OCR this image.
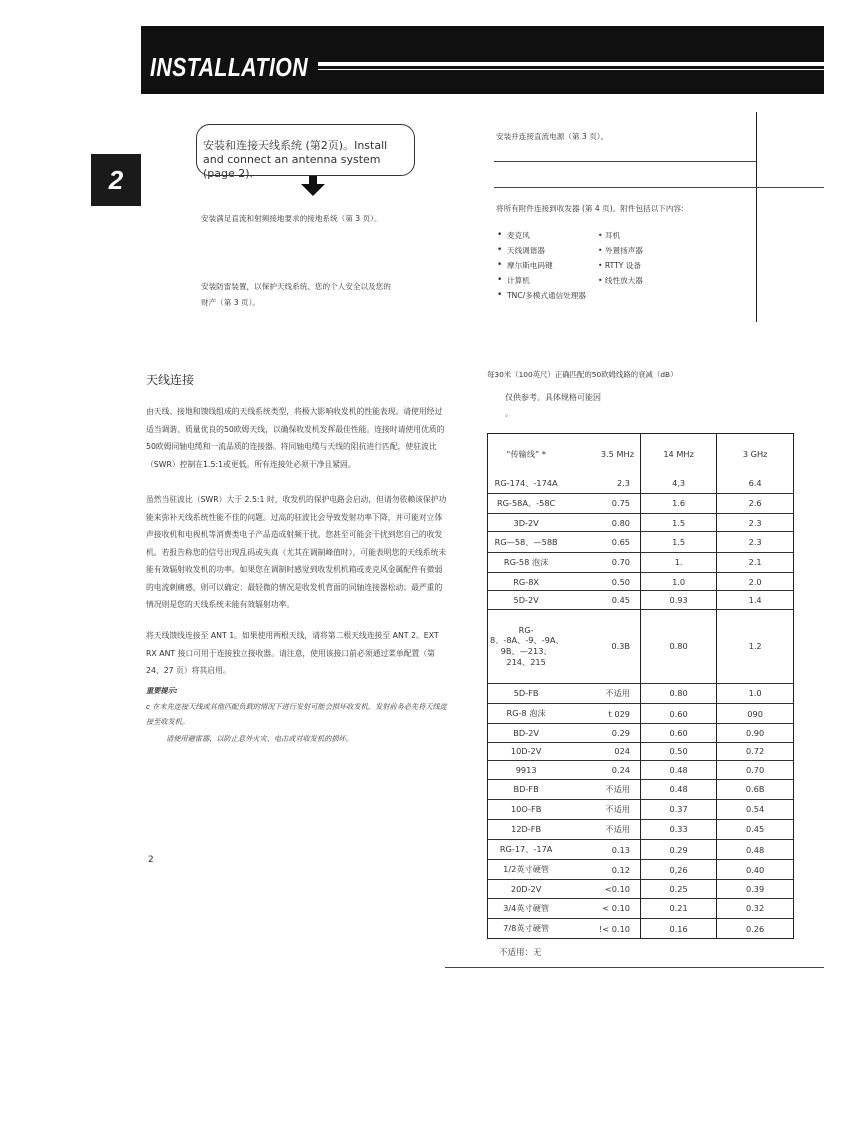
INSTALLATION
2
安装和连接天线系统 (第2页)。Install and connect an antenna system (page 2).
安装满足直流和射频接地要求的接地系统（第 3 页）。
安装防雷装置，以保护天线系统、您的个人安全以及您的
财产（第 3 页）。
安装并连接直流电源（第 3 页）。
将所有附件连接到收发器 (第 4 页)。附件包括以下内容:
• 麦克风
• 天线调谐器
• 摩尔斯电码键
• 计算机
• TNC/多模式通信处理器
• 耳机
• 外置扬声器
• RTTY 设备
• 线性放大器
天线连接
由天线、接地和馈线组成的天线系统类型，将极大影响收发机的性能表现。请使用经过适当调谐、质量优良的50欧姆天线，以确保收发机发挥最佳性能。连接时请使用优质的50欧姆同轴电缆和一流品质的连接器。将同轴电缆与天线的阻抗进行匹配，使驻波比（SWR）控制在1.5:1或更低。所有连接处必须干净且紧固。
虽然当驻波比（SWR）大于 2.5:1 时，收发机的保护电路会启动，但请勿依赖该保护功能来弥补天线系统性能不佳的问题。过高的驻波比会导致发射功率下降，并可能对立体声接收机和电视机等消费类电子产品造成射频干扰。您甚至可能会干扰到您自己的收发机。若报告称您的信号出现乱码或失真（尤其在调制峰值时），可能表明您的天线系统未能有效辐射收发机的功率。如果您在调制时感觉到收发机机箱或麦克风金属配件有微弱的电流刺痛感，则可以确定：最轻微的情况是收发机背面的同轴连接器松动；最严重的情况则是您的天线系统未能有效辐射功率。
将天线馈线连接至 ANT 1。如果使用两根天线，请将第二根天线连接至 ANT 2。EXT RX ANT 接口可用于连接独立接收器。请注意，使用该接口前必须通过菜单配置（第 24、27 页）将其启用。
重要提示:
c 在未先连接天线或其他匹配负载的情况下进行发射可能会损坏收发机。发射前务必先将天线连接至收发机。
请使用避雷器，以防止意外火灾、电击或对收发机的损坏。
2
每30米（100英尺）正确匹配的50欧姆线路的衰减（dB）
仅供参考。具体规格可能因
。
“传输线” *	3.5 MHz	14 MHz	3 GHz
RG-174、-174A	2.3	4,3	6.4
RG-58A、-58C	0.75	1.6	2.6
3D-2V	0.80	1.5	2.3
RG—58、—58B	0.65	1.5	2.3
RG-58 泡沫	0.70	1.	2.1
RG-8X	0.50	1.0	2.0
5D-2V	0.45	0.93	1.4
RG-8、-8A、-9、-9A、9B、—213、214、215	0.3B	0.80	1.2
5D-FB	不适用	0.80	1.0
RG-8 泡沫	t 029	0.60	090
BD-2V	0.29	0.60	0.90
10D-2V	024	0.50	0.72
9913	0.24	0.48	0.70
BD-FB	不适用	0.48	0.6B
10O-FB	不适用	0.37	0.54
12D-FB	不适用	0.33	0.45
RG-17、-17A	0.13	0.29	0.48
1/2英寸硬管	0.12	0,26	0.40
20D-2V	<0.10	0.25	0.39
3/4英寸硬管	< 0.10	0.21	0.32
7/8英寸硬管	!< 0.10	0.16	0.26
不适用：无
